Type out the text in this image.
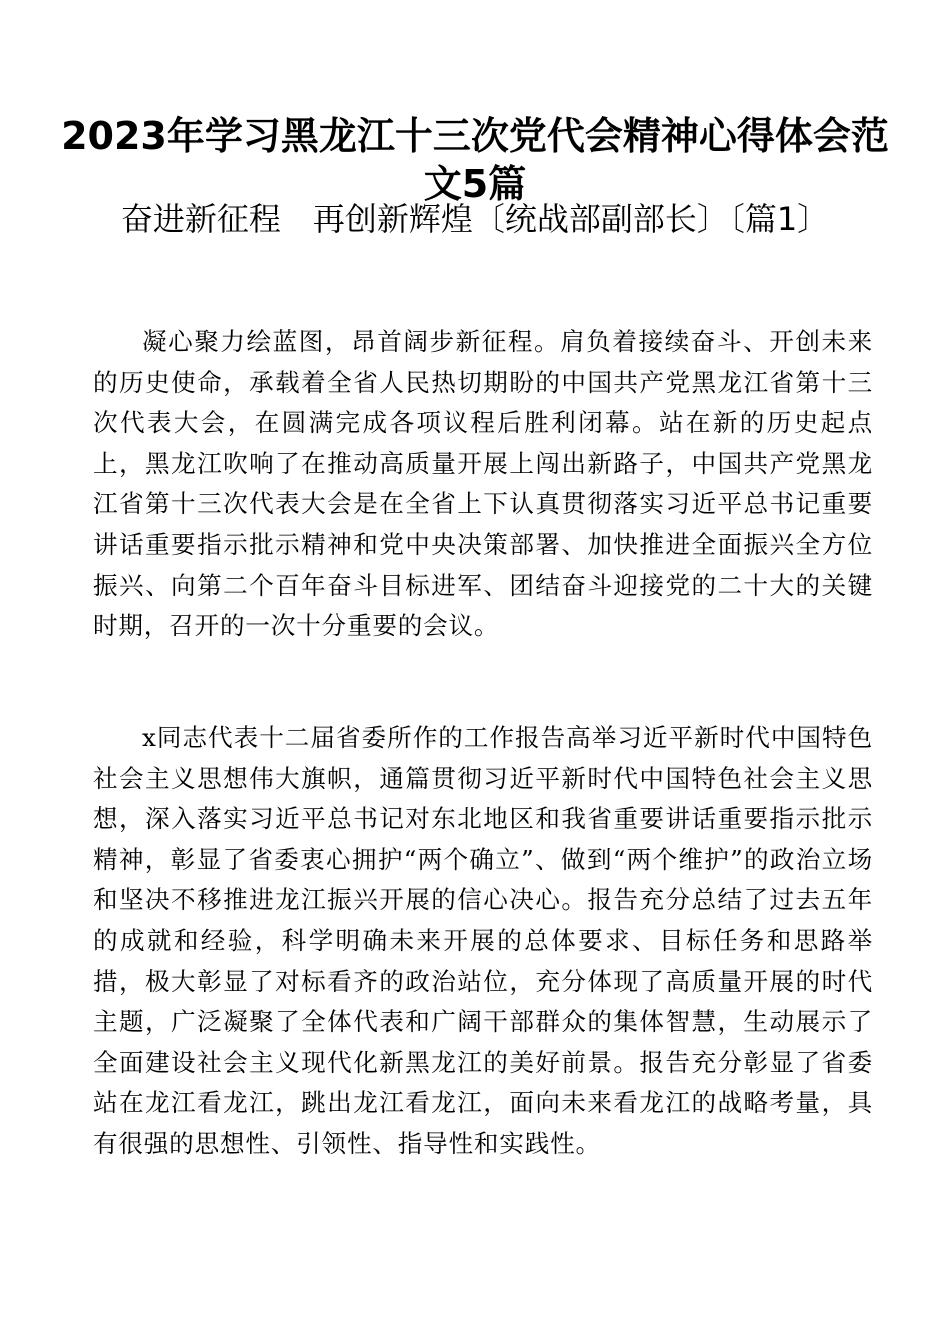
2023年学习黑龙江十三次党代会精神心得体会范文5篇
奋进新征程　再创新辉煌〔统战部副部长〕〔篇1〕

凝心聚力绘蓝图，昂首阔步新征程。肩负着接续奋斗、开创未来的历史使命，承载着全省人民热切期盼的中国共产党黑龙江省第十三次代表大会，在圆满完成各项议程后胜利闭幕。站在新的历史起点上，黑龙江吹响了在推动高质量开展上闯出新路子，中国共产党黑龙江省第十三次代表大会是在全省上下认真贯彻落实习近平总书记重要讲话重要指示批示精神和党中央决策部署、加快推进全面振兴全方位振兴、向第二个百年奋斗目标进军、团结奋斗迎接党的二十大的关键时期，召开的一次十分重要的会议。

x同志代表十二届省委所作的工作报告高举习近平新时代中国特色社会主义思想伟大旗帜，通篇贯彻习近平新时代中国特色社会主义思想，深入落实习近平总书记对东北地区和我省重要讲话重要指示批示精神，彰显了省委衷心拥护“两个确立”、做到“两个维护”的政治立场和坚决不移推进龙江振兴开展的信心决心。报告充分总结了过去五年的成就和经验，科学明确未来开展的总体要求、目标任务和思路举措，极大彰显了对标看齐的政治站位，充分体现了高质量开展的时代主题，广泛凝聚了全体代表和广阔干部群众的集体智慧，生动展示了全面建设社会主义现代化新黑龙江的美好前景。报告充分彰显了省委站在龙江看龙江，跳出龙江看龙江，面向未来看龙江的战略考量，具有很强的思想性、引领性、指导性和实践性。
